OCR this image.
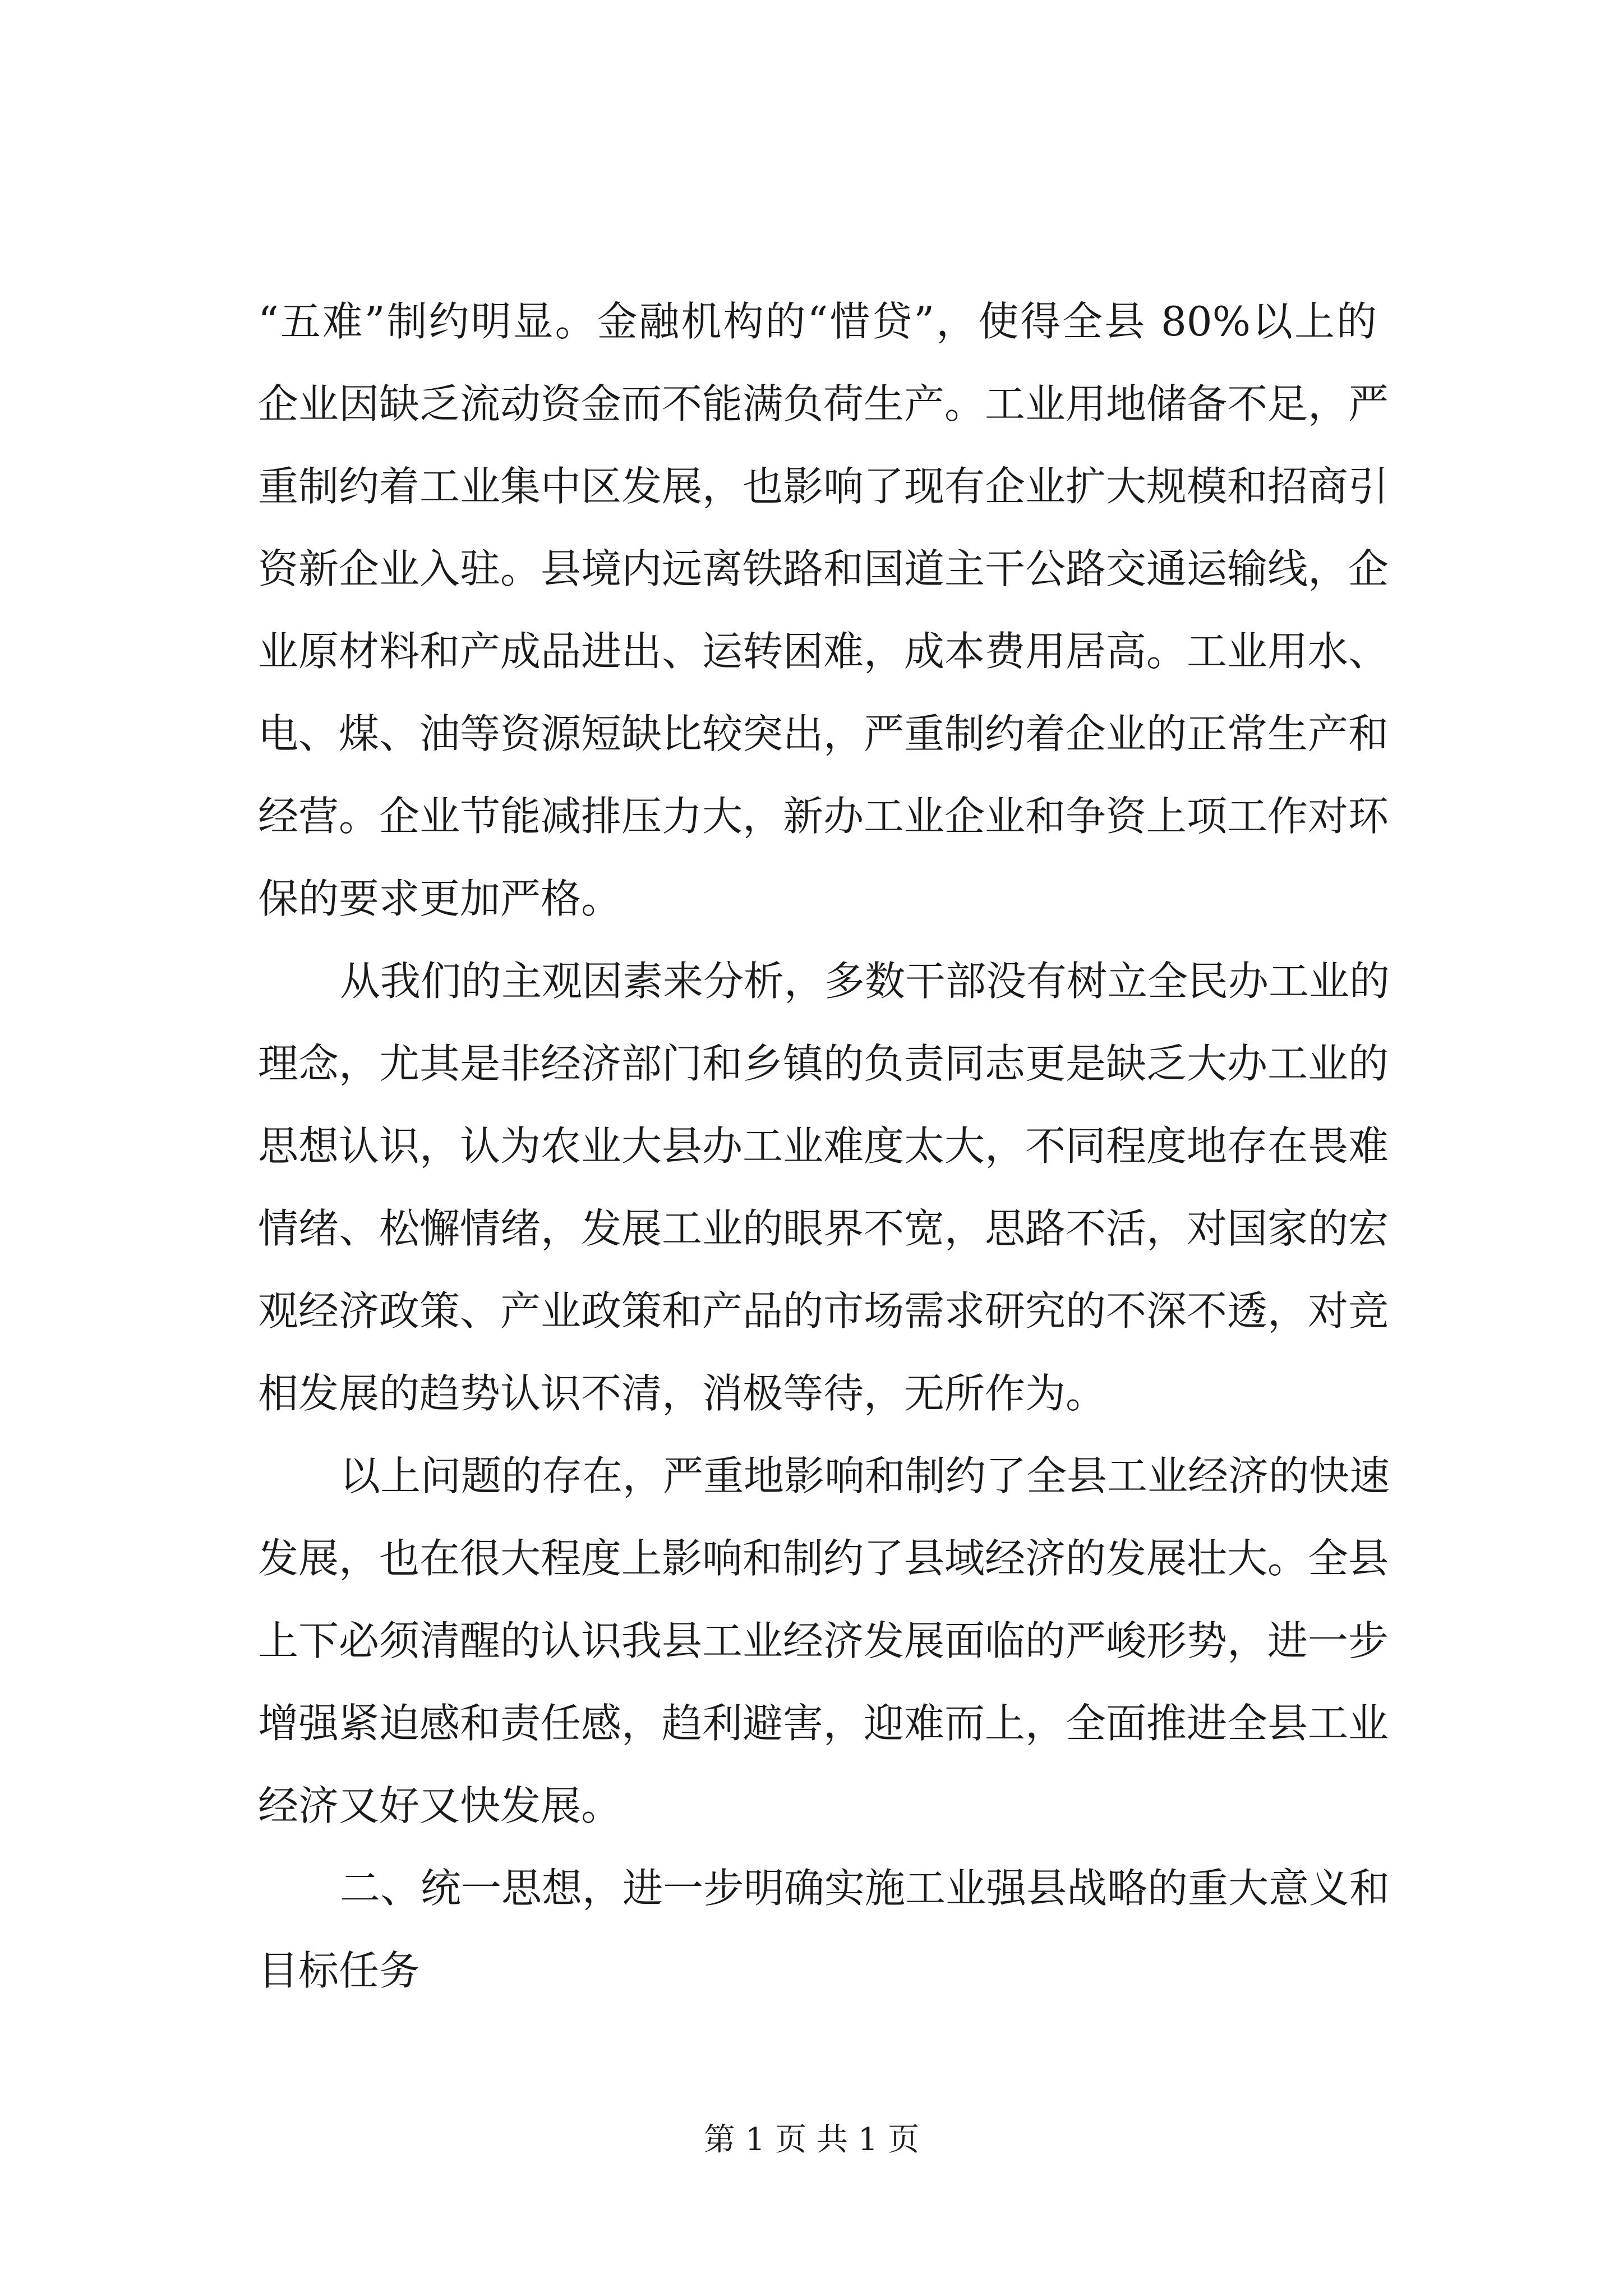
“五难”制约明显。金融机构的“惜贷”，使得全县 80%以上的
企业因缺乏流动资金而不能满负荷生产。工业用地储备不足，严
重制约着工业集中区发展，也影响了现有企业扩大规模和招商引
资新企业入驻。县境内远离铁路和国道主干公路交通运输线，企
业原材料和产成品进出、运转困难，成本费用居高。工业用水、
电、煤、油等资源短缺比较突出，严重制约着企业的正常生产和
经营。企业节能减排压力大，新办工业企业和争资上项工作对环
保的要求更加严格。
从我们的主观因素来分析，多数干部没有树立全民办工业的
理念，尤其是非经济部门和乡镇的负责同志更是缺乏大办工业的
思想认识，认为农业大县办工业难度太大，不同程度地存在畏难
情绪、松懈情绪，发展工业的眼界不宽，思路不活，对国家的宏
观经济政策、产业政策和产品的市场需求研究的不深不透，对竞
相发展的趋势认识不清，消极等待，无所作为。
以上问题的存在，严重地影响和制约了全县工业经济的快速
发展，也在很大程度上影响和制约了县域经济的发展壮大。全县
上下必须清醒的认识我县工业经济发展面临的严峻形势，进一步
增强紧迫感和责任感，趋利避害，迎难而上，全面推进全县工业
经济又好又快发展。
二、统一思想，进一步明确实施工业强县战略的重大意义和
目标任务
第 1 页 共 1 页
